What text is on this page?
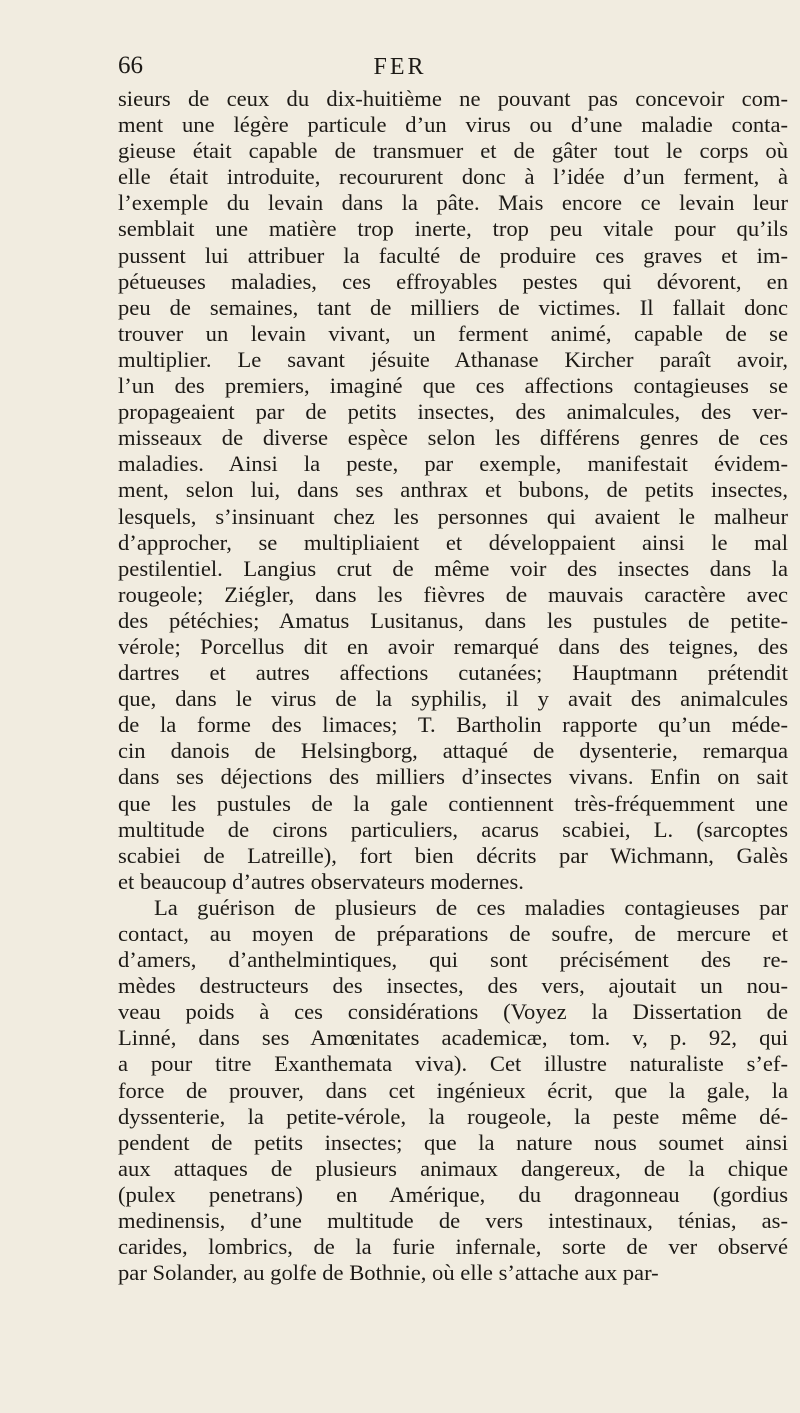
66	FER
sieurs de ceux du dix-huitième ne pouvant pas concevoir com-
ment une légère particule d’un virus ou d’une maladie conta-
gieuse était capable de transmuer et de gâter tout le corps où
elle était introduite, recoururent donc à l’idée d’un ferment, à
l’exemple du levain dans la pâte. Mais encore ce levain leur
semblait une matière trop inerte, trop peu vitale pour qu’ils
pussent lui attribuer la faculté de produire ces graves et im-
pétueuses maladies, ces effroyables pestes qui dévorent, en
peu de semaines, tant de milliers de victimes. Il fallait donc
trouver un levain vivant, un ferment animé, capable de se
multiplier. Le savant jésuite Athanase Kircher paraît avoir,
l’un des premiers, imaginé que ces affections contagieuses se
propageaient par de petits insectes, des animalcules, des ver-
misseaux de diverse espèce selon les différens genres de ces
maladies. Ainsi la peste, par exemple, manifestait évidem-
ment, selon lui, dans ses anthrax et bubons, de petits insectes,
lesquels, s’insinuant chez les personnes qui avaient le malheur
d’approcher, se multipliaient et développaient ainsi le mal
pestilentiel. Langius crut de même voir des insectes dans la
rougeole; Ziégler, dans les fièvres de mauvais caractère avec
des pétéchies; Amatus Lusitanus, dans les pustules de petite-
vérole; Porcellus dit en avoir remarqué dans des teignes, des
dartres et autres affections cutanées; Hauptmann prétendit
que, dans le virus de la syphilis, il y avait des animalcules
de la forme des limaces; T. Bartholin rapporte qu’un méde-
cin danois de Helsingborg, attaqué de dysenterie, remarqua
dans ses déjections des milliers d’insectes vivans. Enfin on sait
que les pustules de la gale contiennent très-fréquemment une
multitude de cirons particuliers, acarus scabiei, L. (sarcoptes
scabiei de Latreille), fort bien décrits par Wichmann, Galès
et beaucoup d’autres observateurs modernes.
La guérison de plusieurs de ces maladies contagieuses par
contact, au moyen de préparations de soufre, de mercure et
d’amers, d’anthelmintiques, qui sont précisément des re-
mèdes destructeurs des insectes, des vers, ajoutait un nou-
veau poids à ces considérations (Voyez la Dissertation de
Linné, dans ses Amœnitates academicæ, tom. v, p. 92, qui
a pour titre Exanthemata viva). Cet illustre naturaliste s’ef-
force de prouver, dans cet ingénieux écrit, que la gale, la
dyssenterie, la petite-vérole, la rougeole, la peste même dé-
pendent de petits insectes; que la nature nous soumet ainsi
aux attaques de plusieurs animaux dangereux, de la chique
(pulex penetrans) en Amérique, du dragonneau (gordius
medinensis, d’une multitude de vers intestinaux, ténias, as-
carides, lombrics, de la furie infernale, sorte de ver observé
par Solander, au golfe de Bothnie, où elle s’attache aux par-
